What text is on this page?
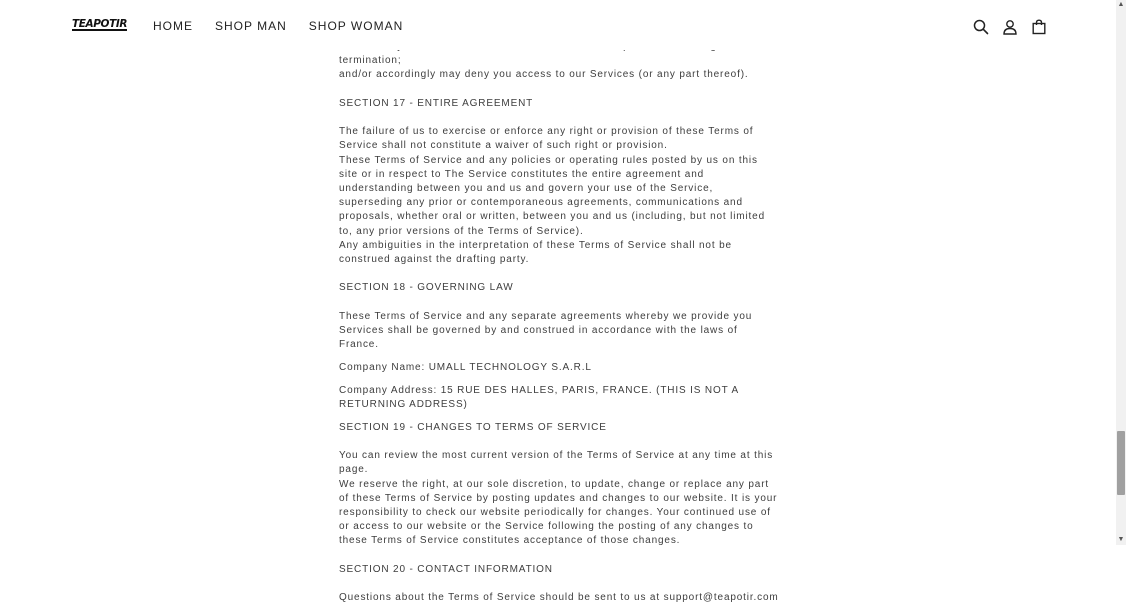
termination;

and/or accordingly may deny you access to our Services (or any part thereof).

SECTION 17 - ENTIRE AGREEMENT

The failure of us to exercise or enforce any right or provision of these Terms of Service shall not constitute a waiver of such right or provision.

These Terms of Service and any policies or operating rules posted by us on this site or in respect to The Service constitutes the entire agreement and understanding between you and us and govern your use of the Service, superseding any prior or contemporaneous agreements, communications and proposals, whether oral or written, between you and us (including, but not limited to, any prior versions of the Terms of Service).

Any ambiguities in the interpretation of these Terms of Service shall not be construed against the drafting party.

SECTION 18 - GOVERNING LAW

These Terms of Service and any separate agreements whereby we provide you Services shall be governed by and construed in accordance with the laws of France.

Company Name: UMALL TECHNOLOGY S.A.R.L

Company Address: 15 RUE DES HALLES, PARIS, FRANCE. (THIS IS NOT A RETURNING ADDRESS)

SECTION 19 - CHANGES TO TERMS OF SERVICE

You can review the most current version of the Terms of Service at any time at this page.

We reserve the right, at our sole discretion, to update, change or replace any part of these Terms of Service by posting updates and changes to our website. It is your responsibility to check our website periodically for changes. Your continued use of or access to our website or the Service following the posting of any changes to these Terms of Service constitutes acceptance of those changes.

SECTION 20 - CONTACT INFORMATION

Questions about the Terms of Service should be sent to us at support@teapotir.com

TEAPOTIR HOME SHOP MAN SHOP WOMAN
▲
▼
